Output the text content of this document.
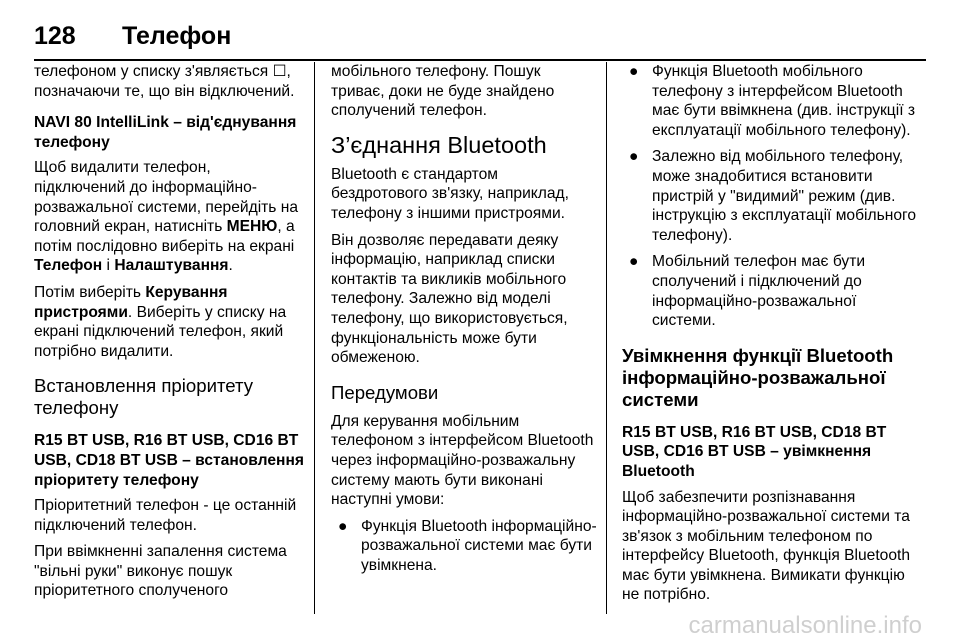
128 Телефон

телефоном у списку з'являється ☐, позначаючи те, що він відключений.

NAVI 80 IntelliLink – від'єднування телефону

Щоб видалити телефон, підключений до інформаційно-розважальної системи, перейдіть на головний екран, натисніть МЕНЮ, а потім послідовно виберіть на екрані Телефон і Налаштування.

Потім виберіть Керування пристроями. Виберіть у списку на екрані підключений телефон, який потрібно видалити.

Встановлення пріоритету телефону
R15 BT USB, R16 BT USB, CD16 BT USB, CD18 BT USB – встановлення пріоритету телефону

Пріоритетний телефон - це останній підключений телефон.

При ввімкненні запалення система "вільні руки" виконує пошук пріоритетного сполученого

мобільного телефону. Пошук триває, доки не буде знайдено сполучений телефон.

З’єднання Bluetooth

Bluetooth є стандартом бездротового зв'язку, наприклад, телефону з іншими пристроями.

Він дозволяє передавати деяку інформацію, наприклад списки контактів та викликів мобільного телефону. Залежно від моделі телефону, що використовується, функціональність може бути обмеженою.

Передумови

Для керування мобільним телефоном з інтерфейсом Bluetooth через інформаційно-розважальну систему мають бути виконані наступні умови:

● Функція Bluetooth інформаційно-розважальної системи має бути увімкнена.
● Функція Bluetooth мобільного телефону з інтерфейсом Bluetooth має бути ввімкнена (див. інструкції з експлуатації мобільного телефону).
● Залежно від мобільного телефону, може знадобитися встановити пристрій у "видимий" режим (див. інструкцію з експлуатації мобільного телефону).
● Мобільний телефон має бути сполучений і підключений до інформаційно-розважальної системи.
Увімкнення функції Bluetooth інформаційно-розважальної системи
R15 BT USB, R16 BT USB, CD18 BT USB, CD16 BT USB – увімкнення Bluetooth

Щоб забезпечити розпізнавання інформаційно-розважальної системи та зв'язок з мобільним телефоном по інтерфейсу Bluetooth, функція Bluetooth має бути увімкнена. Вимикати функцію не потрібно.

carmanualsonline.info
